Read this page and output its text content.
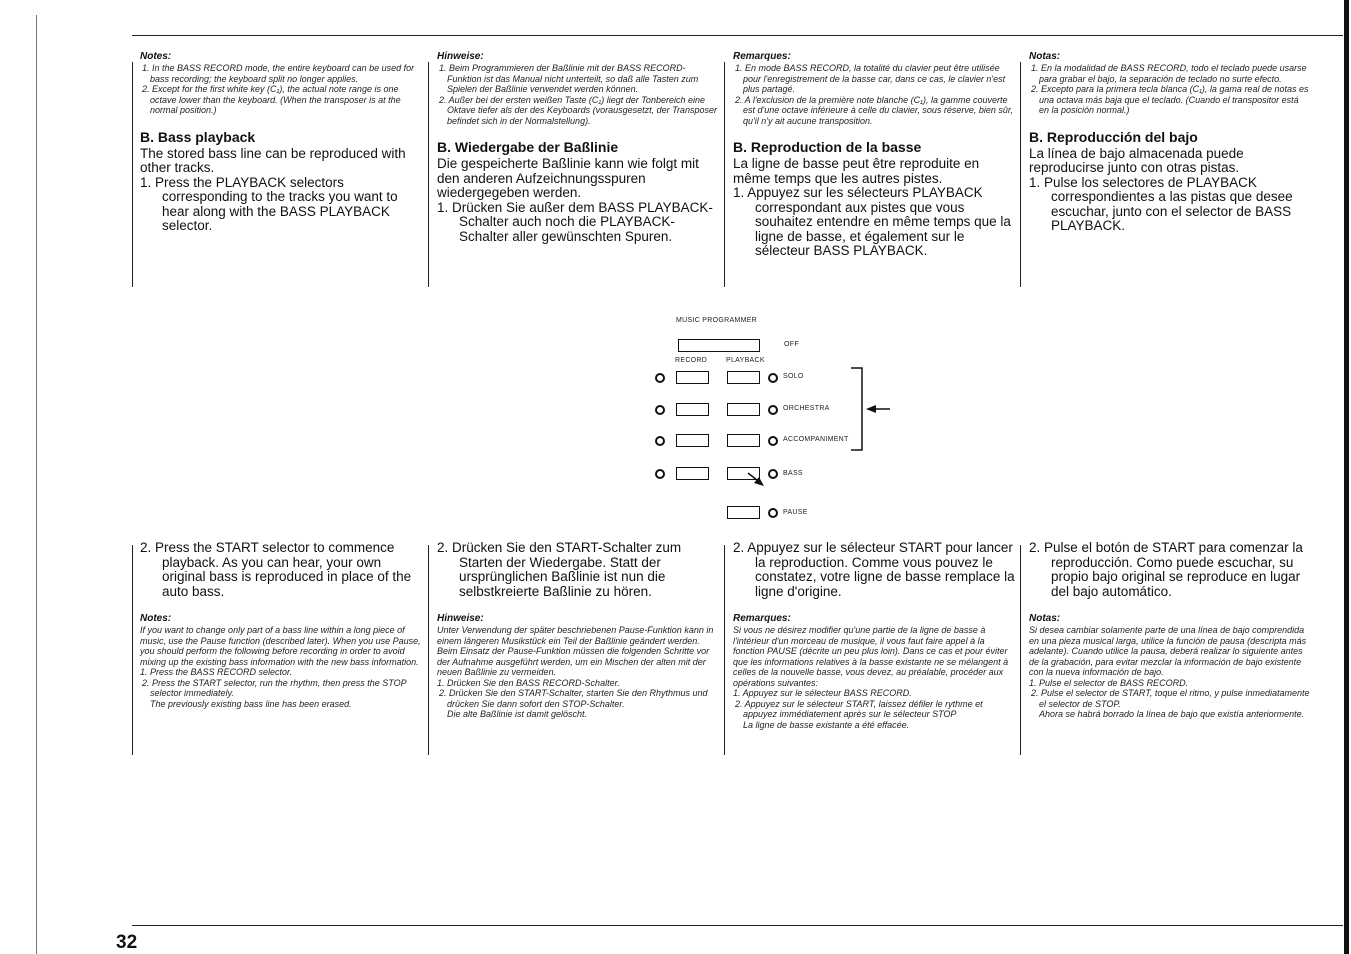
Notes:

1. In the BASS RECORD mode, the entire keyboard can be used for bass recording; the keyboard split no longer applies.

2. Except for the first white key (C₁), the actual note range is one octave lower than the keyboard. (When the transposer is at the normal position.)

B. Bass playback

The stored bass line can be reproduced with other tracks.

1. Press the PLAYBACK selectors corresponding to the tracks you want to hear along with the BASS PLAYBACK selector.

Hinweise:

1. Beim Programmieren der Baßlinie mit der BASS RECORD-Funktion ist das Manual nicht unterteilt, so daß alle Tasten zum Spielen der Baßlinie verwendet werden können.

2. Außer bei der ersten weißen Taste (C₁) liegt der Tonbereich eine Oktave tiefer als der des Keyboards (vorausgesetzt, der Transposer befindet sich in der Normalstellung).

B. Wiedergabe der Baßlinie

Die gespeicherte Baßlinie kann wie folgt mit den anderen Aufzeichnungsspuren wiedergegeben werden.

1. Drücken Sie außer dem BASS PLAYBACK-Schalter auch noch die PLAYBACK-Schalter aller gewünschten Spuren.

Remarques:

1. En mode BASS RECORD, la totalité du clavier peut être utilisée pour l'enregistrement de la basse car, dans ce cas, le clavier n'est plus partagé.

2. A l'exclusion de la première note blanche (C₁), la gamme couverte est d'une octave inférieure à celle du clavier, sous réserve, bien sûr, qu'il n'y ait aucune transposition.

B. Reproduction de la basse

La ligne de basse peut être reproduite en même temps que les autres pistes.

1. Appuyez sur les sélecteurs PLAYBACK correspondant aux pistes que vous souhaitez entendre en même temps que la ligne de basse, et également sur le sélecteur BASS PLAYBACK.

Notas:

1. En la modalidad de BASS RECORD, todo el teclado puede usarse para grabar el bajo, la separación de teclado no surte efecto.

2. Excepto para la primera tecla blanca (C₁), la gama real de notas es una octava más baja que el teclado. (Cuando el transpositor está en la posición normal.)

B. Reproducción del bajo

La línea de bajo almacenada puede reproducirse junto con otras pistas.

1. Pulse los selectores de PLAYBACK correspondientes a las pistas que desee escuchar, junto con el selector de BASS PLAYBACK.

MUSIC PROGRAMMER
OFF
RECORD	PLAYBACK
SOLO
ORCHESTRA
ACCOMPANIMENT
BASS
PAUSE

2. Press the START selector to commence playback. As you can hear, your own original bass is reproduced in place of the auto bass.

Notes:

If you want to change only part of a bass line within a long piece of music, use the Pause function (described later). When you use Pause, you should perform the following before recording in order to avoid mixing up the existing bass information with the new bass information.

1. Press the BASS RECORD selector.

2. Press the START selector, run the rhythm, then press the STOP selector immediately.

The previously existing bass line has been erased.

2. Drücken Sie den START-Schalter zum Starten der Wiedergabe. Statt der ursprünglichen Baßlinie ist nun die selbstkreierte Baßlinie zu hören.

Hinweise:

Unter Verwendung der später beschriebenen Pause-Funktion kann in einem längeren Musikstück ein Teil der Baßlinie geändert werden. Beim Einsatz der Pause-Funktion müssen die folgenden Schritte vor der Aufnahme ausgeführt werden, um ein Mischen der alten mit der neuen Baßlinie zu vermeiden.

1. Drücken Sie den BASS RECORD-Schalter.

2. Drücken Sie den START-Schalter, starten Sie den Rhythmus und drücken Sie dann sofort den STOP-Schalter.

Die alte Baßlinie ist damit gelöscht.

2. Appuyez sur le sélecteur START pour lancer la reproduction. Comme vous pouvez le constatez, votre ligne de basse remplace la ligne d'origine.

Remarques:

Si vous ne désirez modifier qu'une partie de la ligne de basse à l'intérieur d'un morceau de musique, il vous faut faire appel à la fonction PAUSE (décrite un peu plus loin). Dans ce cas et pour éviter que les informations relatives à la basse existante ne se mélangent à celles de la nouvelle basse, vous devez, au préalable, procéder aux opérations suivantes:

1. Appuyez sur le sélecteur BASS RECORD.

2. Appuyez sur le sélecteur START, laissez défiler le rythme et appuyez immédiatement après sur le sélecteur STOP

La ligne de basse existante a été effacée.

2. Pulse el botón de START para comenzar la reproducción. Como puede escuchar, su propio bajo original se reproduce en lugar del bajo automático.

Notas:

Si desea cambiar solamente parte de una línea de bajo comprendida en una pieza musical larga, utilice la función de pausa (descripta más adelante). Cuando utilice la pausa, deberá realizar lo siguiente antes de la grabación, para evitar mezclar la información de bajo existente con la nueva información de bajo.

1. Pulse el selector de BASS RECORD.

2. Pulse el selector de START, toque el ritmo, y pulse inmediatamente el selector de STOP.

Ahora se habrá borrado la línea de bajo que existía anteriormente.

32
